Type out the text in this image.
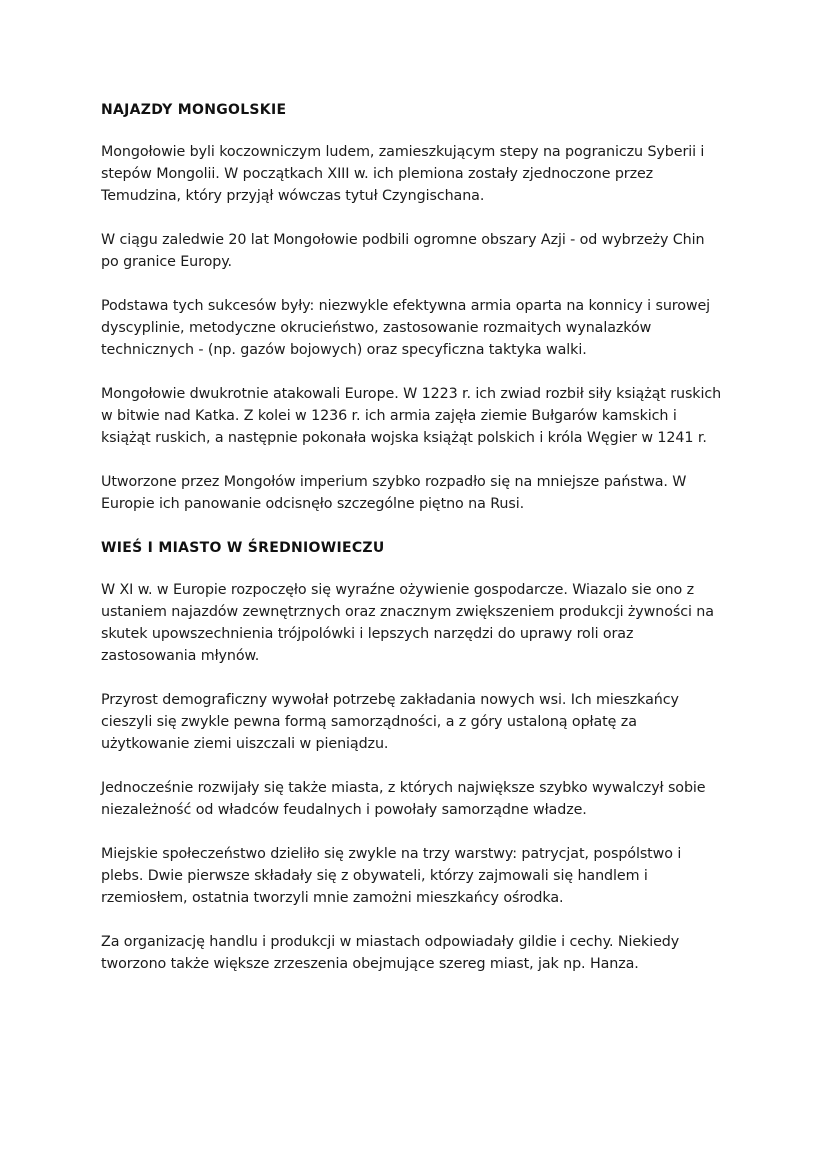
NAJAZDY MONGOLSKIE

Mongołowie byli koczowniczym ludem, zamieszkującym stepy na pograniczu Syberii i
stepów Mongolii. W początkach XIII w. ich plemiona zostały zjednoczone przez
Temudzina, który przyjął wówczas tytuł Czyngischana.

W ciągu zaledwie 20 lat Mongołowie podbili ogromne obszary Azji - od wybrzeży Chin
po granice Europy.

Podstawa tych sukcesów były: niezwykle efektywna armia oparta na konnicy i surowej
dyscyplinie, metodyczne okrucieństwo, zastosowanie rozmaitych wynalazków
technicznych - (np. gazów bojowych) oraz specyficzna taktyka walki.

Mongołowie dwukrotnie atakowali Europe. W 1223 r. ich zwiad rozbił siły książąt ruskich
w bitwie nad Katka. Z kolei w 1236 r. ich armia zajęła ziemie Bułgarów kamskich i
książąt ruskich, a następnie pokonała wojska książąt polskich i króla Węgier w 1241 r.

Utworzone przez Mongołów imperium szybko rozpadło się na mniejsze państwa. W
Europie ich panowanie odcisnęło szczególne piętno na Rusi.

WIEŚ I MIASTO W ŚREDNIOWIECZU

W XI w. w Europie rozpoczęło się wyraźne ożywienie gospodarcze. Wiazalo sie ono z
ustaniem najazdów zewnętrznych oraz znacznym zwiększeniem produkcji żywności na
skutek upowszechnienia trójpolówki i lepszych narzędzi do uprawy roli oraz
zastosowania młynów.

Przyrost demograficzny wywołał potrzebę zakładania nowych wsi. Ich mieszkańcy
cieszyli się zwykle pewna formą samorządności, a z góry ustaloną opłatę za
użytkowanie ziemi uiszczali w pieniądzu.

Jednocześnie rozwijały się także miasta, z których największe szybko wywalczył sobie
niezależność od władców feudalnych i powołały samorządne władze.

Miejskie społeczeństwo dzieliło się zwykle na trzy warstwy: patrycjat, pospólstwo i
plebs. Dwie pierwsze składały się z obywateli, którzy zajmowali się handlem i
rzemiosłem, ostatnia tworzyli mnie zamożni mieszkańcy ośrodka.

Za organizację handlu i produkcji w miastach odpowiadały gildie i cechy. Niekiedy
tworzono także większe zrzeszenia obejmujące szereg miast, jak np. Hanza.
